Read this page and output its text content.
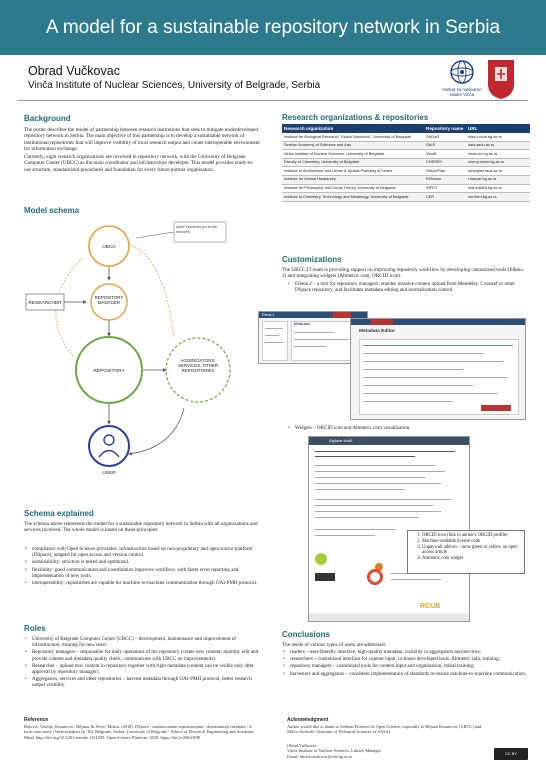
A model for a sustainable repository network in Serbia
Obrad Vučkovac
Vinča Institute of Nuclear Sciences, University of Belgrade, Serbia	Institut za nuklearne nauke Vinča
Background

The poster describes the model of partnership between research institutions that seek to mitigate underdeveloped repository network in Serbia. The main objective of this partnership is to develop a sustainable network of institutional repositories that will improve visibility of local research output and create interoperable environment for information exchange.

Currently, eight research organizations are involved in repository network, with the University of Belgrade Computer Center (UBCC) as the main coordinator and infrastructure developer. This model provides ready-to-use structure, standardized procedures and foundation for every future partner organization.

Model schema
UBCC
other repositories in the network
RESEARCHER
REPOSITORY MANAGER
REPOSITORY
AGGREGATORS, SERVICES, OTHER REPOSITORIES
USER
Schema explained
The schema above represents the model for a sustainable repository network in Serbia with all organizations and services involved. The whole model is based on these principles:
• compliance with Open Science principles: infrastructure based on non-proprietary and open source platform (DSpace), adapted for open access and version control.
• sustainability: structure is tested and optimized.
• flexibility: good communication and coordination improves workflow, with faster error reporting and implementation of new tools.
• interoperability: repositories are capable for machine-to-machine communication through OAI-PMH protocol.
Roles
• University of Belgrade Computer Center (UBCC) – development, maintenance and improvement of infrastructure, training for new users
• Repository managers – responsible for daily operations of the repository (create new content; monitor, edit and provide content and metadata quality check; communicate with UBCC on improvements).
• Researcher – upload new content in repository together with right metadata (content can be visible only after approval by repository manager).
• Aggregators, services and other repositories – harvest metadata through OAI-PMH protocol, better research output visibility.
Reference
Bajović, Vasilije, Kosanović, Biljana, & Šević, Milica. (2018). DSpace - institucionalni repozitorijumi : diseminacija rezultata : A local case study (Version paper) (p. 30). Belgrade, Serbia: University of Belgrade - School of Electrical Engineering and Academic Mind. http://doi.org/10.5281/zenodo.1411259. Open Science Platform, 2018. https://bit.ly/2KbOJ8E
Research organizations & repositories
Research organization	Repository name	URL
Institute for Biological Research "Siniša Stanković", University of Belgrade	RADaR	ibiss-r.rcub.bg.ac.rs
Serbian Academy of Sciences and Arts	DAIS	dais.sanu.ac.rs
Vinča Institute of Nuclear Sciences, University of Belgrade	VinaR	vinar.vin.bg.ac.rs
Faculty of Chemistry, University of Belgrade	CHERRY	cherry.chem.bg.ac.rs
Institute of Architecture and Urban & Spatial Planning of Serbia	RAUmPlan	raumplan.iaus.ac.rs
Institute for Animal Husbandry	RIStocar	r.istocar.bg.ac.rs
Institute for Philosophy and Social Theory, University of Belgrade	RIFDT	rifdt.instifdt.bg.ac.rs
Institute of Chemistry, Technology and Metallurgy, University of Belgrade	CER	cer.ihtm.bg.ac.rs
Customizations
The UBCC IT team is providing support on improving repository workflow by developing customized tools (Ellena 2) and integrating widgets (Altmetric.com, ORCID icon).
• Ellena 2 – a tool for repository managers: enables massive content upload from Mendeley, Crossref or other DSpace repository, and facilitates metadata editing and normalization control.
Ellena 2
MetaLead
Metadata Editor
• Widgets – ORCID icon and Altmetric.com visualization.
DIgitalne VinaR
RCUB
1. ORCID icon (link to author's ORCID profile)
2. Machine-readable license code
3. Unpaywall add-on – turns green or yellow on open access article
4. Altmetric.com widget
Conclusions
The needs of various types of users are addressed:
• readers – user-friendly interface, high-quality metadata, visibility in aggregators and services;
• researchers – customized interface for content input, in-house developed tools, Altmetric info, training;
• repository managers – customized tools for content input and organization, initial training;
• harvesters and aggregators – consistent implementation of standards to ensure machine-to-machine communication.
Acknowledgment
Author would like to thank to Serbian Pioneers of Open Science, especially to Biljana Kosanović (UBCC) and Milica Ševkušić (Institute of Technical Sciences of SASA).
Obrad Vučkovac
Vinča Institute of Nuclear Sciences, Library Manager
Email: obrad.vuckovac@vin.bg.ac.rs
CC BY
